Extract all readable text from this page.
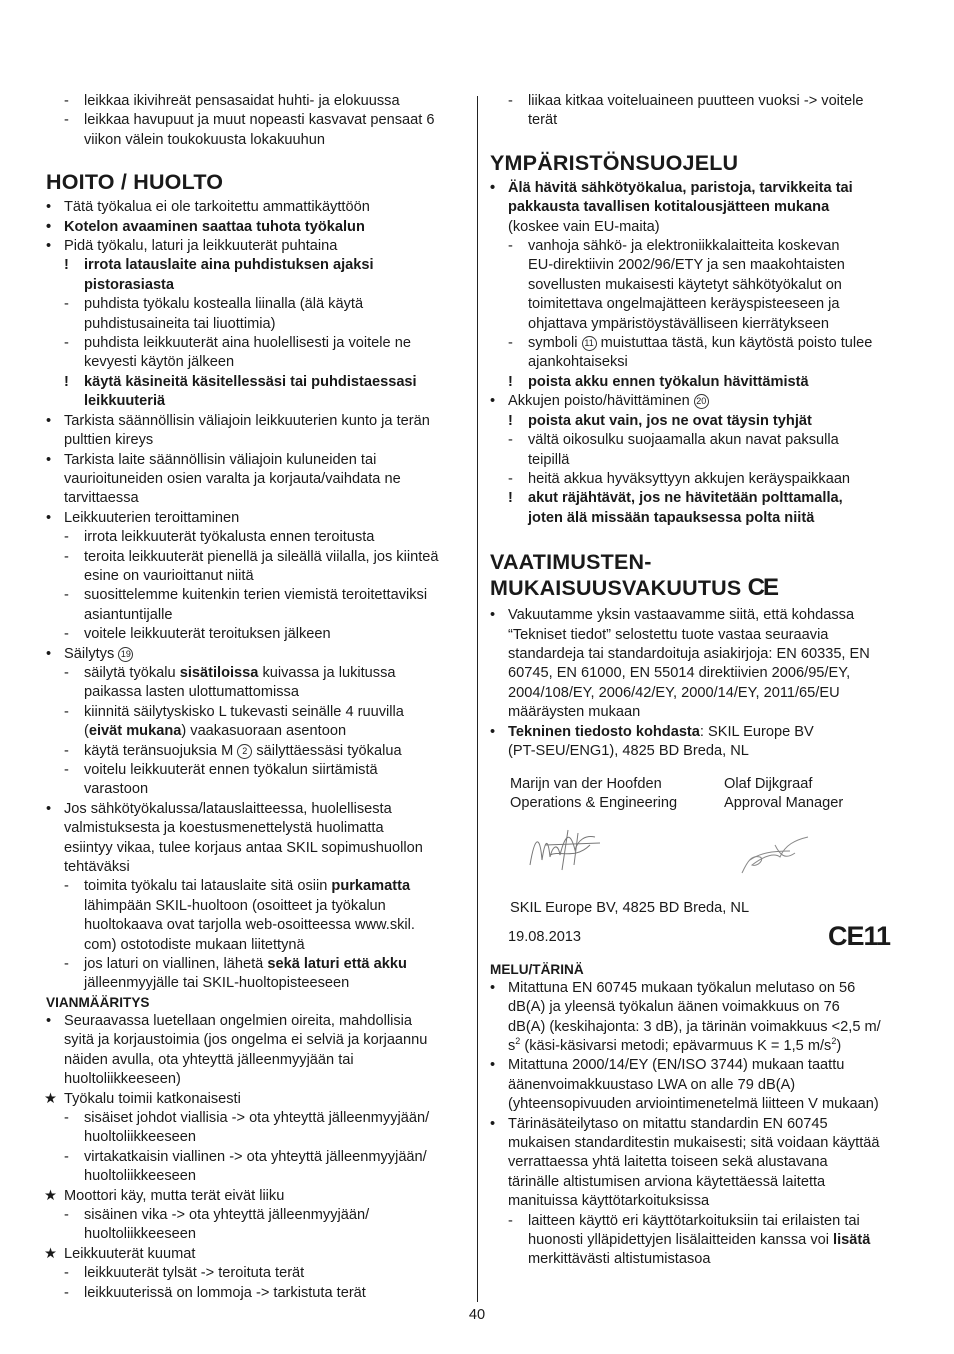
- leikkaa ikivihreät pensasaidat huhti- ja elokuussa
- leikkaa havupuut ja muut nopeasti kasvavat pensaat 6
viikon välein toukokuusta lokakuuhun
HOITO / HUOLTO
• Tätä työkalua ei ole tarkoitettu ammattikäyttöön
• Kotelon avaaminen saattaa tuhota työkalun
• Pidä työkalu, laturi ja leikkuuterät puhtaina
! irrota latauslaite aina puhdistuksen ajaksi
pistorasiasta
- puhdista työkalu kostealla liinalla (älä käytä
puhdistusaineita tai liuottimia)
- puhdista leikkuuterät aina huolellisesti ja voitele ne
kevyesti käytön jälkeen
! käytä käsineitä käsitellessäsi tai puhdistaessasi
leikkuuteriä
• Tarkista säännöllisin väliajoin leikkuuterien kunto ja terän
pulttien kireys
• Tarkista laite säännöllisin väliajoin kuluneiden tai
vaurioituneiden osien varalta ja korjauta/vaihdata ne
tarvittaessa
• Leikkuuterien teroittaminen
- irrota leikkuuterät työkalusta ennen teroitusta
- teroita leikkuuterät pienellä ja sileällä viilalla, jos kiinteä
esine on vaurioittanut niitä
- suosittelemme kuitenkin terien viemistä teroitettaviksi
asiantuntijalle
- voitele leikkuuterät teroituksen jälkeen
• Säilytys 19
- säilytä työkalu sisätiloissa kuivassa ja lukitussa
paikassa lasten ulottumattomissa
- kiinnitä säilytyskisko L tukevasti seinälle 4 ruuvilla
(eivät mukana) vaakasuoraan asentoon
- käytä teränsuojuksia M 2 säilyttäessäsi työkalua
- voitelu leikkuuterät ennen työkalun siirtämistä
varastoon
• Jos sähkötyökalussa/latauslaitteessa, huolellisesta
valmistuksesta ja koestusmenettelystä huolimatta
esiintyy vikaa, tulee korjaus antaa SKIL sopimushuollon
tehtäväksi
- toimita työkalu tai latauslaite sitä osiin purkamatta
lähimpään SKIL-huoltoon (osoitteet ja työkalun
huoltokaava ovat tarjolla web-osoitteessa www.skil.
com) ostotodiste mukaan liitettynä
- jos laturi on viallinen, lähetä sekä laturi että akku
jälleenmyyjälle tai SKIL-huoltopisteeseen
VIANMÄÄRITYS
• Seuraavassa luetellaan ongelmien oireita, mahdollisia
syitä ja korjaustoimia (jos ongelma ei selviä ja korjaannu
näiden avulla, ota yhteyttä jälleenmyyjään tai
huoltoliikkeeseen)
★ Työkalu toimii katkonaisesti
- sisäiset johdot viallisia -> ota yhteyttä jälleenmyyjään/
huoltoliikkeeseen
- virtakatkaisin viallinen -> ota yhteyttä jälleenmyyjään/
huoltoliikkeeseen
★ Moottori käy, mutta terät eivät liiku
- sisäinen vika -> ota yhteyttä jälleenmyyjään/
huoltoliikkeeseen
★ Leikkuuterät kuumat
- leikkuuterät tylsät -> teroituta terät
- leikkuuterissä on lommoja -> tarkistuta terät
- liikaa kitkaa voiteluaineen puutteen vuoksi -> voitele
terät
YMPÄRISTÖNSUOJELU
• Älä hävitä sähkötyökalua, paristoja, tarvikkeita tai
pakkausta tavallisen kotitalousjätteen mukana
(koskee vain EU-maita)
- vanhoja sähkö- ja elektroniikkalaitteita koskevan
EU-direktiivin 2002/96/ETY ja sen maakohtaisten
sovellusten mukaisesti käytetyt sähkötyökalut on
toimitettava ongelmajätteen keräyspisteeseen ja
ohjattava ympäristöystävälliseen kierrätykseen
- symboli 11 muistuttaa tästä, kun käytöstä poisto tulee
ajankohtaiseksi
! poista akku ennen työkalun hävittämistä
• Akkujen poisto/hävittäminen 20
! poista akut vain, jos ne ovat täysin tyhjät
- vältä oikosulku suojaamalla akun navat paksulla
teipillä
- heitä akkua hyväksyttyyn akkujen keräyspaikkaan
! akut räjähtävät, jos ne hävitetään polttamalla,
joten älä missään tapauksessa polta niitä
VAATIMUSTEN-
MUKAISUUSVAKUUTUS CE
• Vakuutamme yksin vastaavamme siitä, että kohdassa
“Tekniset tiedot” selostettu tuote vastaa seuraavia
standardeja tai standardoituja asiakirjoja: EN 60335, EN
60745, EN 61000, EN 55014 direktiivien 2006/95/EY,
2004/108/EY, 2006/42/EY, 2000/14/EY, 2011/65/EU
määräysten mukaan
• Tekninen tiedosto kohdasta: SKIL Europe BV
(PT-SEU/ENG1), 4825 BD Breda, NL
Marijn van der Hoofden
Operations & Engineering
Olaf Dijkgraaf
Approval Manager
SKIL Europe BV, 4825 BD Breda, NL
19.08.2013	CE11
MELU/TÄRINÄ
• Mitattuna EN 60745 mukaan työkalun melutaso on 56
dB(A) ja yleensä työkalun äänen voimakkuus on 76
dB(A) (keskihajonta: 3 dB), ja tärinän voimakkuus <2,5 m/
$s^2$ (käsi-käsivarsi metodi; epävarmuus K = 1,5 $m/s^2$)
• Mitattuna 2000/14/EY (EN/ISO 3744) mukaan taattu
äänenvoimakkuustaso LWA on alle 79 dB(A)
(yhteensopivuuden arviointimenetelmä liitteen V mukaan)
• Tärinäsäteilytaso on mitattu standardin EN 60745
mukaisen standarditestin mukaisesti; sitä voidaan käyttää
verrattaessa yhtä laitetta toiseen sekä alustavana
tärinälle altistumisen arviona käytettäessä laitetta
manituissa käyttötarkoituksissa
- laitteen käyttö eri käyttötarkoituksiin tai erilaisten tai
huonosti ylläpidettyjen lisälaitteiden kanssa voi lisätä
merkittävästi altistumistasoa
40
